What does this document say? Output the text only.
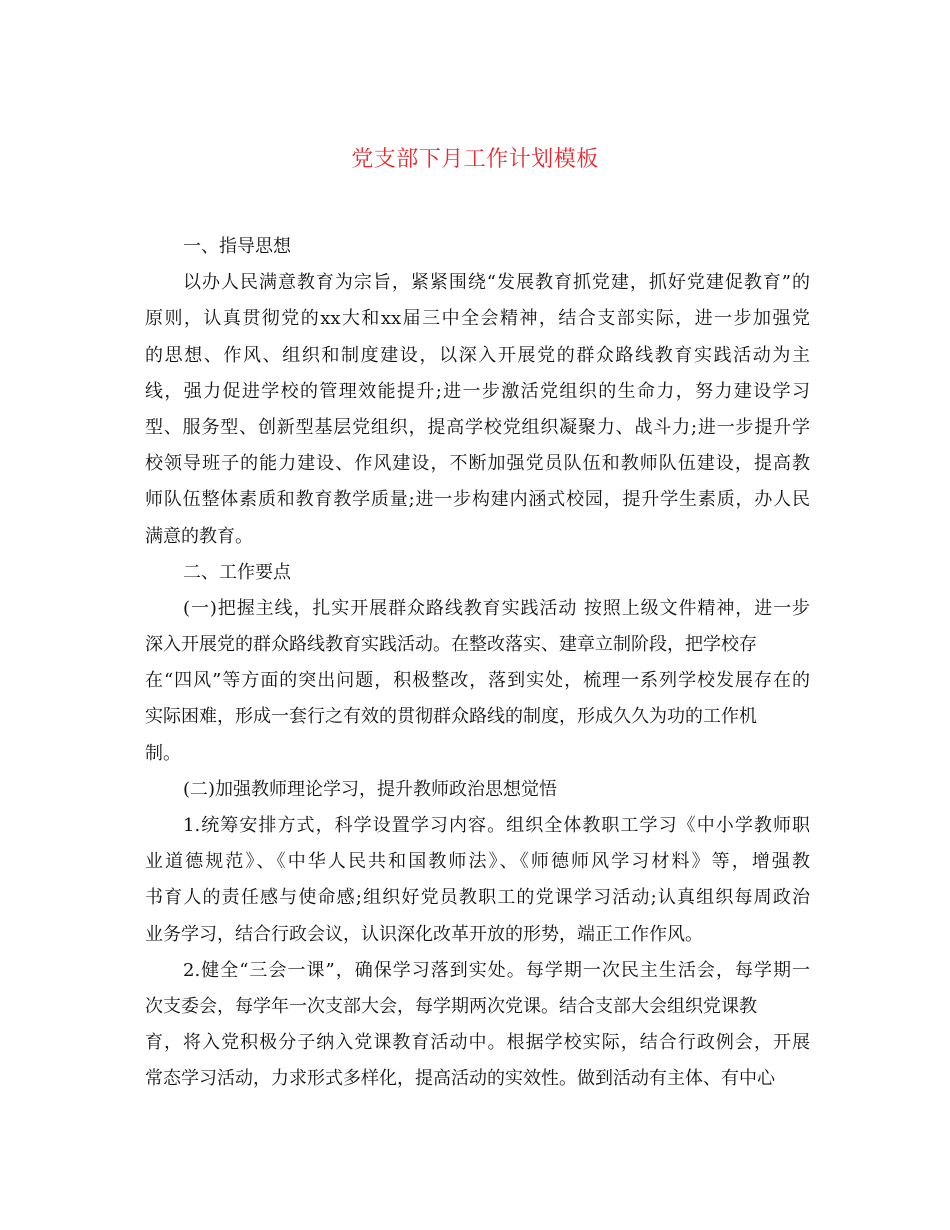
党支部下月工作计划模板
一、指导思想
以办人民满意教育为宗旨，紧紧围绕“发展教育抓党建，抓好党建促教育”的
原则，认真贯彻党的xx大和xx届三中全会精神，结合支部实际，进一步加强党
的思想、作风、组织和制度建设，以深入开展党的群众路线教育实践活动为主
线，强力促进学校的管理效能提升;进一步激活党组织的生命力，努力建设学习
型、服务型、创新型基层党组织，提高学校党组织凝聚力、战斗力;进一步提升学
校领导班子的能力建设、作风建设，不断加强党员队伍和教师队伍建设，提高教
师队伍整体素质和教育教学质量;进一步构建内涵式校园，提升学生素质，办人民
满意的教育。
二、工作要点
(一)把握主线，扎实开展群众路线教育实践活动 按照上级文件精神，进一步
深入开展党的群众路线教育实践活动。在整改落实、建章立制阶段，把学校存
在“四风”等方面的突出问题，积极整改，落到实处，梳理一系列学校发展存在的
实际困难，形成一套行之有效的贯彻群众路线的制度，形成久久为功的工作机
制。
(二)加强教师理论学习，提升教师政治思想觉悟
1.统筹安排方式，科学设置学习内容。组织全体教职工学习《中小学教师职
业道德规范》、《中华人民共和国教师法》、《师德师风学习材料》等，增强教
书育人的责任感与使命感;组织好党员教职工的党课学习活动;认真组织每周政治
业务学习，结合行政会议，认识深化改革开放的形势，端正工作作风。
2.健全“三会一课”，确保学习落到实处。每学期一次民主生活会，每学期一
次支委会，每学年一次支部大会，每学期两次党课。结合支部大会组织党课教
育，将入党积极分子纳入党课教育活动中。根据学校实际，结合行政例会，开展
常态学习活动，力求形式多样化，提高活动的实效性。做到活动有主体、有中心
